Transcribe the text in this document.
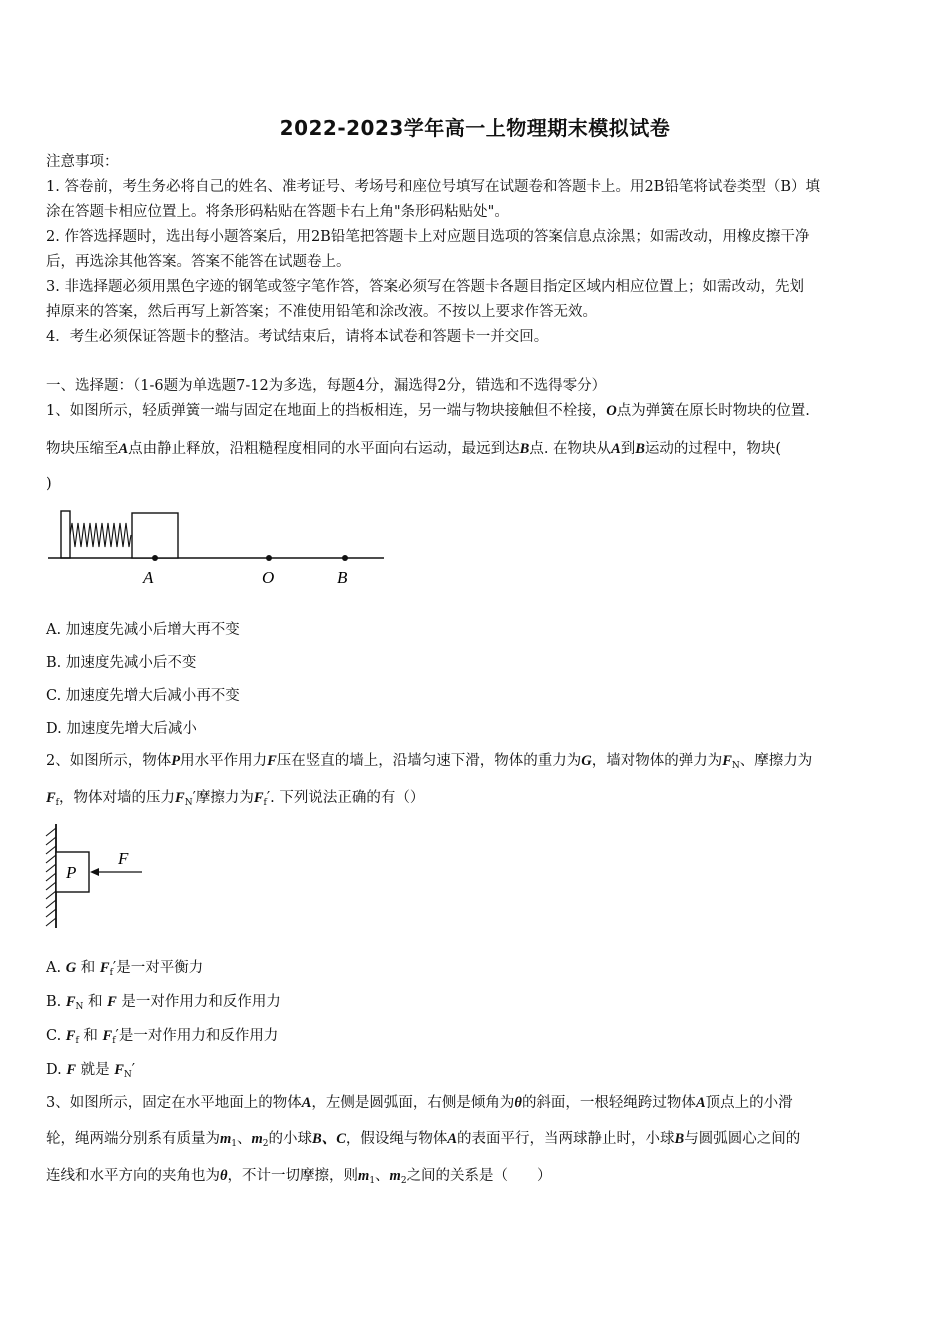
2022-2023学年高一上物理期末模拟试卷
注意事项：
1. 答卷前，考生务必将自己的姓名、准考证号、考场号和座位号填写在试题卷和答题卡上。用2B铅笔将试卷类型（B）填
涂在答题卡相应位置上。将条形码粘贴在答题卡右上角"条形码粘贴处"。
2. 作答选择题时，选出每小题答案后，用2B铅笔把答题卡上对应题目选项的答案信息点涂黑；如需改动，用橡皮擦干净
后，再选涂其他答案。答案不能答在试题卷上。
3. 非选择题必须用黑色字迹的钢笔或签字笔作答，答案必须写在答题卡各题目指定区域内相应位置上；如需改动，先划
掉原来的答案，然后再写上新答案；不准使用铅笔和涂改液。不按以上要求作答无效。
4．考生必须保证答题卡的整洁。考试结束后，请将本试卷和答题卡一并交回。
一、选择题：（1-6题为单选题7-12为多选，每题4分，漏选得2分，错选和不选得零分）
1、如图所示，轻质弹簧一端与固定在地面上的挡板相连，另一端与物块接触但不栓接，O点为弹簧在原长时物块的位置.
物块压缩至A点由静止释放，沿粗糙程度相同的水平面向右运动，最远到达B点. 在物块从A到B运动的过程中，物块(
)
A	O	B
A. 加速度先减小后增大再不变
B. 加速度先减小后不变
C. 加速度先增大后减小再不变
D. 加速度先增大后减小
2、如图所示，物体P用水平作用力F压在竖直的墙上，沿墙匀速下滑，物体的重力为G，墙对物体的弹力为$F_N$、摩擦力为
$F_f$，物体对墙的压力$F_N'$摩擦力为$F_f'$. 下列说法正确的有（）
P
F
A. G 和 $F_f'$是一对平衡力
B. $F_N$ 和 F 是一对作用力和反作用力
C. $F_f$ 和 $F_f'$是一对作用力和反作用力
D. F 就是 $F_N'$
3、如图所示，固定在水平地面上的物体A，左侧是圆弧面，右侧是倾角为θ的斜面，一根轻绳跨过物体A顶点上的小滑
轮，绳两端分别系有质量为$m_1$、$m_2$的小球B、C，假设绳与物体A的表面平行，当两球静止时，小球B与圆弧圆心之间的
连线和水平方向的夹角也为θ，不计一切摩擦，则$m_1$、$m_2$之间的关系是（　　）
